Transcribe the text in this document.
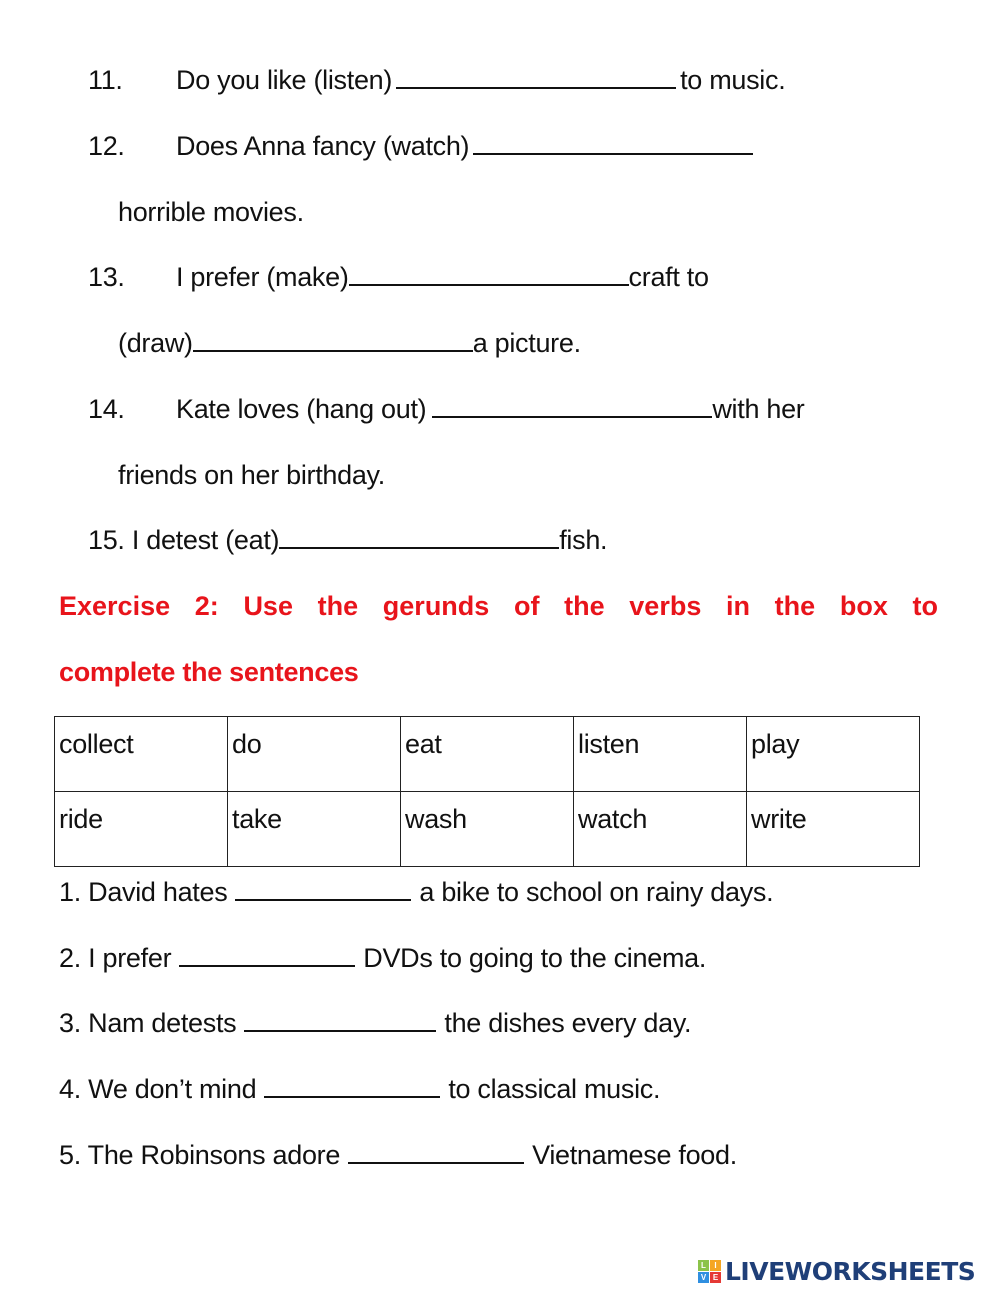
11. Do you like (listen)	to music.
12. Does Anna fancy (watch)
horrible movies.
13. I prefer (make)	craft to
(draw)	a picture.
14. Kate loves (hang out)	with her
friends on her birthday.
15. I detest (eat)	fish.
Exercise 2: Use the gerunds of the verbs in the box to
complete the sentences
collect	do	eat	listen	play
ride	take	wash	watch	write
1. David hates	a bike to school on rainy days.
2. I prefer	DVDs to going to the cinema.
3. Nam detests	the dishes every day.
4. We don’t mind	to classical music.
5. The Robinsons adore	Vietnamese food.
L	I
V E LIVEWORKSHEETS
